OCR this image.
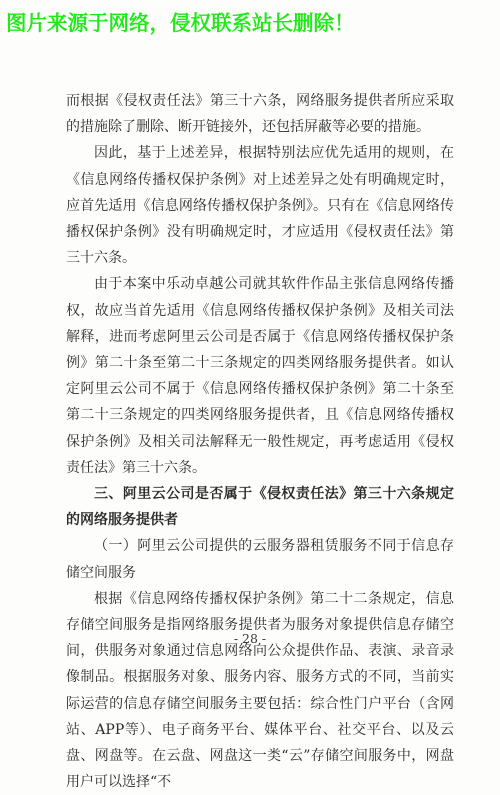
图片来源于网络，侵权联系站长删除！

而根据《侵权责任法》第三十六条，网络服务提供者所应采取的措施除了删除、断开链接外，还包括屏蔽等必要的措施。

因此，基于上述差异，根据特别法应优先适用的规则，在《信息网络传播权保护条例》对上述差异之处有明确规定时，应首先适用《信息网络传播权保护条例》。只有在《信息网络传播权保护条例》没有明确规定时，才应适用《侵权责任法》第三十六条。

由于本案中乐动卓越公司就其软件作品主张信息网络传播权，故应当首先适用《信息网络传播权保护条例》及相关司法解释，进而考虑阿里云公司是否属于《信息网络传播权保护条例》第二十条至第二十三条规定的四类网络服务提供者。如认定阿里云公司不属于《信息网络传播权保护条例》第二十条至第二十三条规定的四类网络服务提供者，且《信息网络传播权保护条例》及相关司法解释无一般性规定，再考虑适用《侵权责任法》第三十六条。

三、阿里云公司是否属于《侵权责任法》第三十六条规定的网络服务提供者

（一）阿里云公司提供的云服务器租赁服务不同于信息存储空间服务

根据《信息网络传播权保护条例》第二十二条规定，信息存储空间服务是指网络服务提供者为服务对象提供信息存储空间，供服务对象通过信息网络向公众提供作品、表演、录音录像制品。根据服务对象、服务内容、服务方式的不同，当前实际运营的信息存储空间服务主要包括：综合性门户平台（含网站、APP等）、电子商务平台、媒体平台、社交平台、以及云盘、网盘等。在云盘、网盘这一类“云”存储空间服务中，网盘用户可以选择“不

- 28 -
